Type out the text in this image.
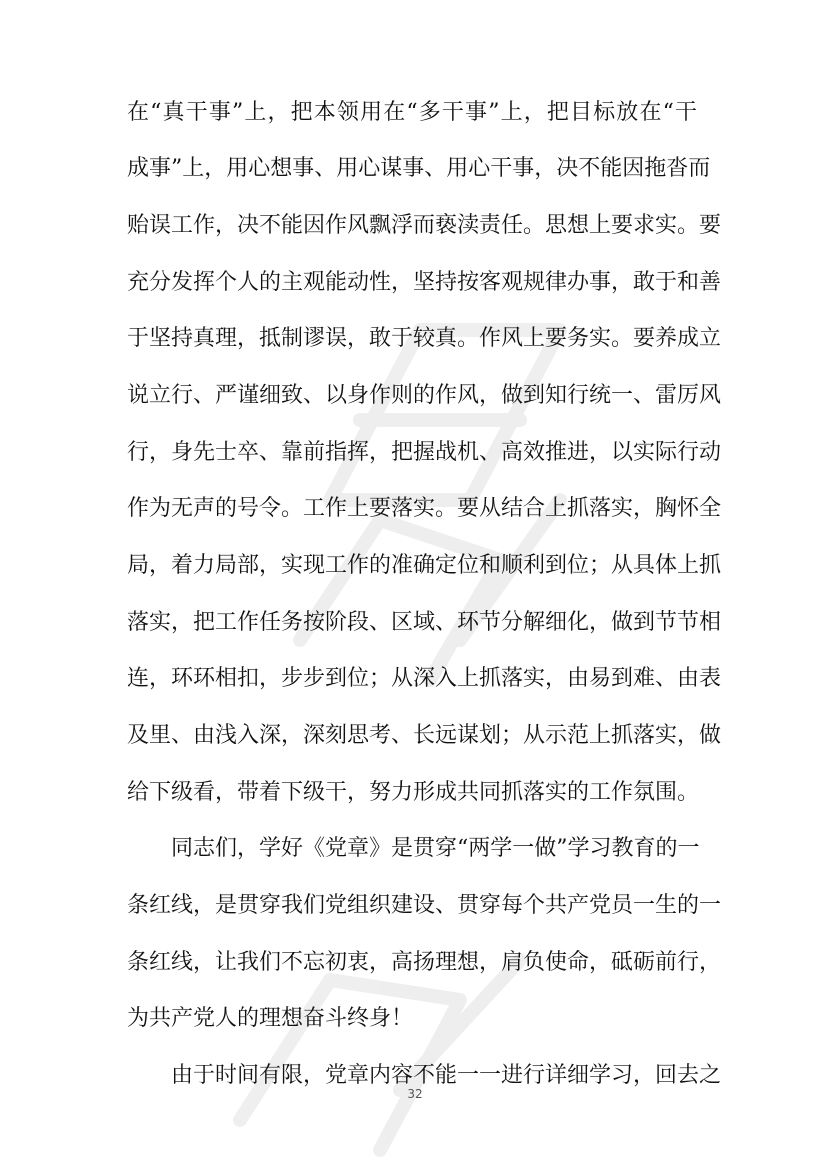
在“真干事”上，把本领用在“多干事”上，把目标放在“干
成事”上，用心想事、用心谋事、用心干事，决不能因拖沓而
贻误工作，决不能因作风飘浮而亵渎责任。思想上要求实。要
充分发挥个人的主观能动性，坚持按客观规律办事，敢于和善
于坚持真理，抵制谬误，敢于较真。作风上要务实。要养成立
说立行、严谨细致、以身作则的作风，做到知行统一、雷厉风
行，身先士卒、靠前指挥，把握战机、高效推进，以实际行动
作为无声的号令。工作上要落实。要从结合上抓落实，胸怀全
局，着力局部，实现工作的准确定位和顺利到位；从具体上抓
落实，把工作任务按阶段、区域、环节分解细化，做到节节相
连，环环相扣，步步到位；从深入上抓落实，由易到难、由表
及里、由浅入深，深刻思考、长远谋划；从示范上抓落实，做
给下级看，带着下级干，努力形成共同抓落实的工作氛围。
同志们，学好《党章》是贯穿“两学一做”学习教育的一
条红线，是贯穿我们党组织建设、贯穿每个共产党员一生的一
条红线，让我们不忘初衷，高扬理想，肩负使命，砥砺前行，
为共产党人的理想奋斗终身！
由于时间有限，党章内容不能一一进行详细学习，回去之
32
